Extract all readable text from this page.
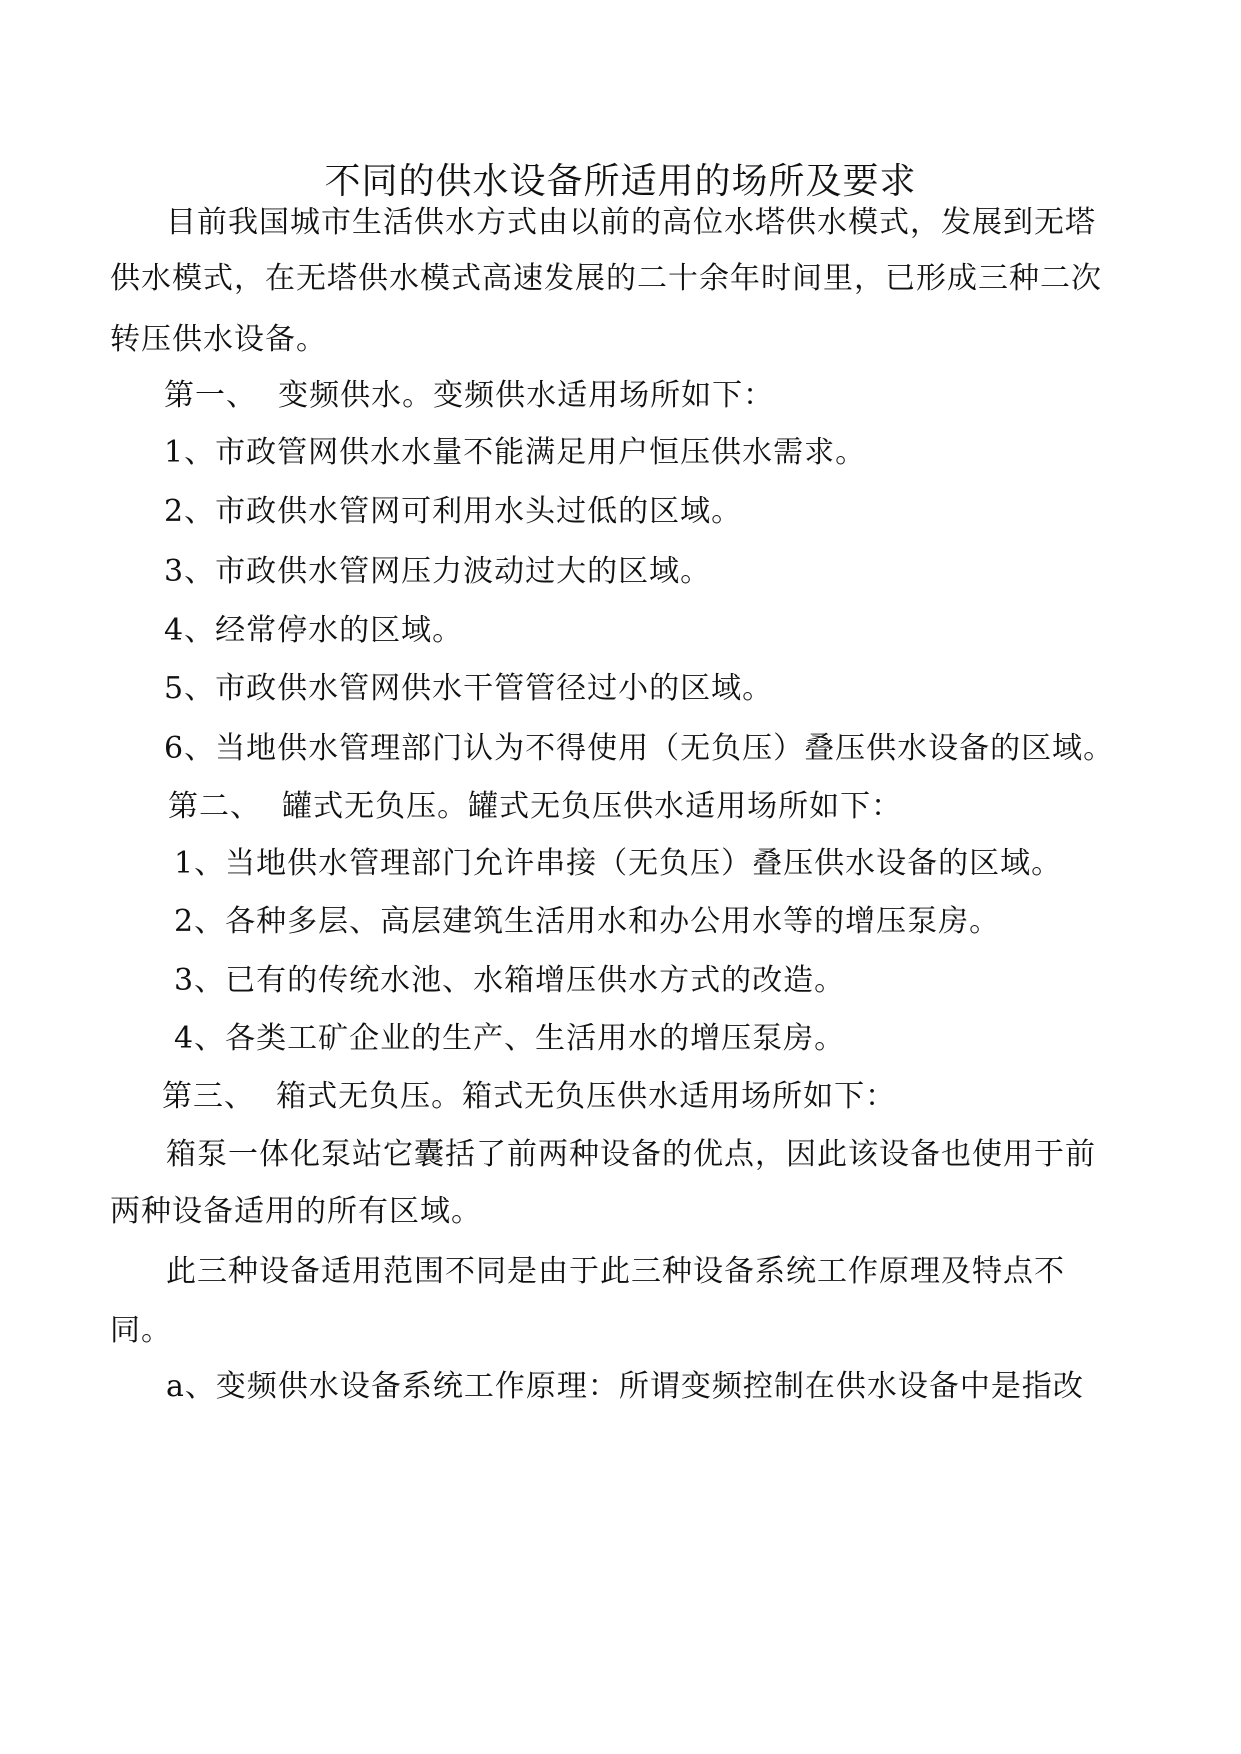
不同的供水设备所适用的场所及要求
目前我国城市生活供水方式由以前的高位水塔供水模式，发展到无塔
供水模式，在无塔供水模式高速发展的二十余年时间里，已形成三种二次
转压供水设备。
第一、  变频供水。变频供水适用场所如下：
1、市政管网供水水量不能满足用户恒压供水需求。
2、市政供水管网可利用水头过低的区域。
3、市政供水管网压力波动过大的区域。
4、经常停水的区域。
5、市政供水管网供水干管管径过小的区域。
6、当地供水管理部门认为不得使用（无负压）叠压供水设备的区域。
第二、  罐式无负压。罐式无负压供水适用场所如下：
1、当地供水管理部门允许串接（无负压）叠压供水设备的区域。
2、各种多层、高层建筑生活用水和办公用水等的增压泵房。
3、已有的传统水池、水箱增压供水方式的改造。
4、各类工矿企业的生产、生活用水的增压泵房。
第三、  箱式无负压。箱式无负压供水适用场所如下：
箱泵一体化泵站它囊括了前两种设备的优点，因此该设备也使用于前
两种设备适用的所有区域。
此三种设备适用范围不同是由于此三种设备系统工作原理及特点不
同。
a、变频供水设备系统工作原理：所谓变频控制在供水设备中是指改
